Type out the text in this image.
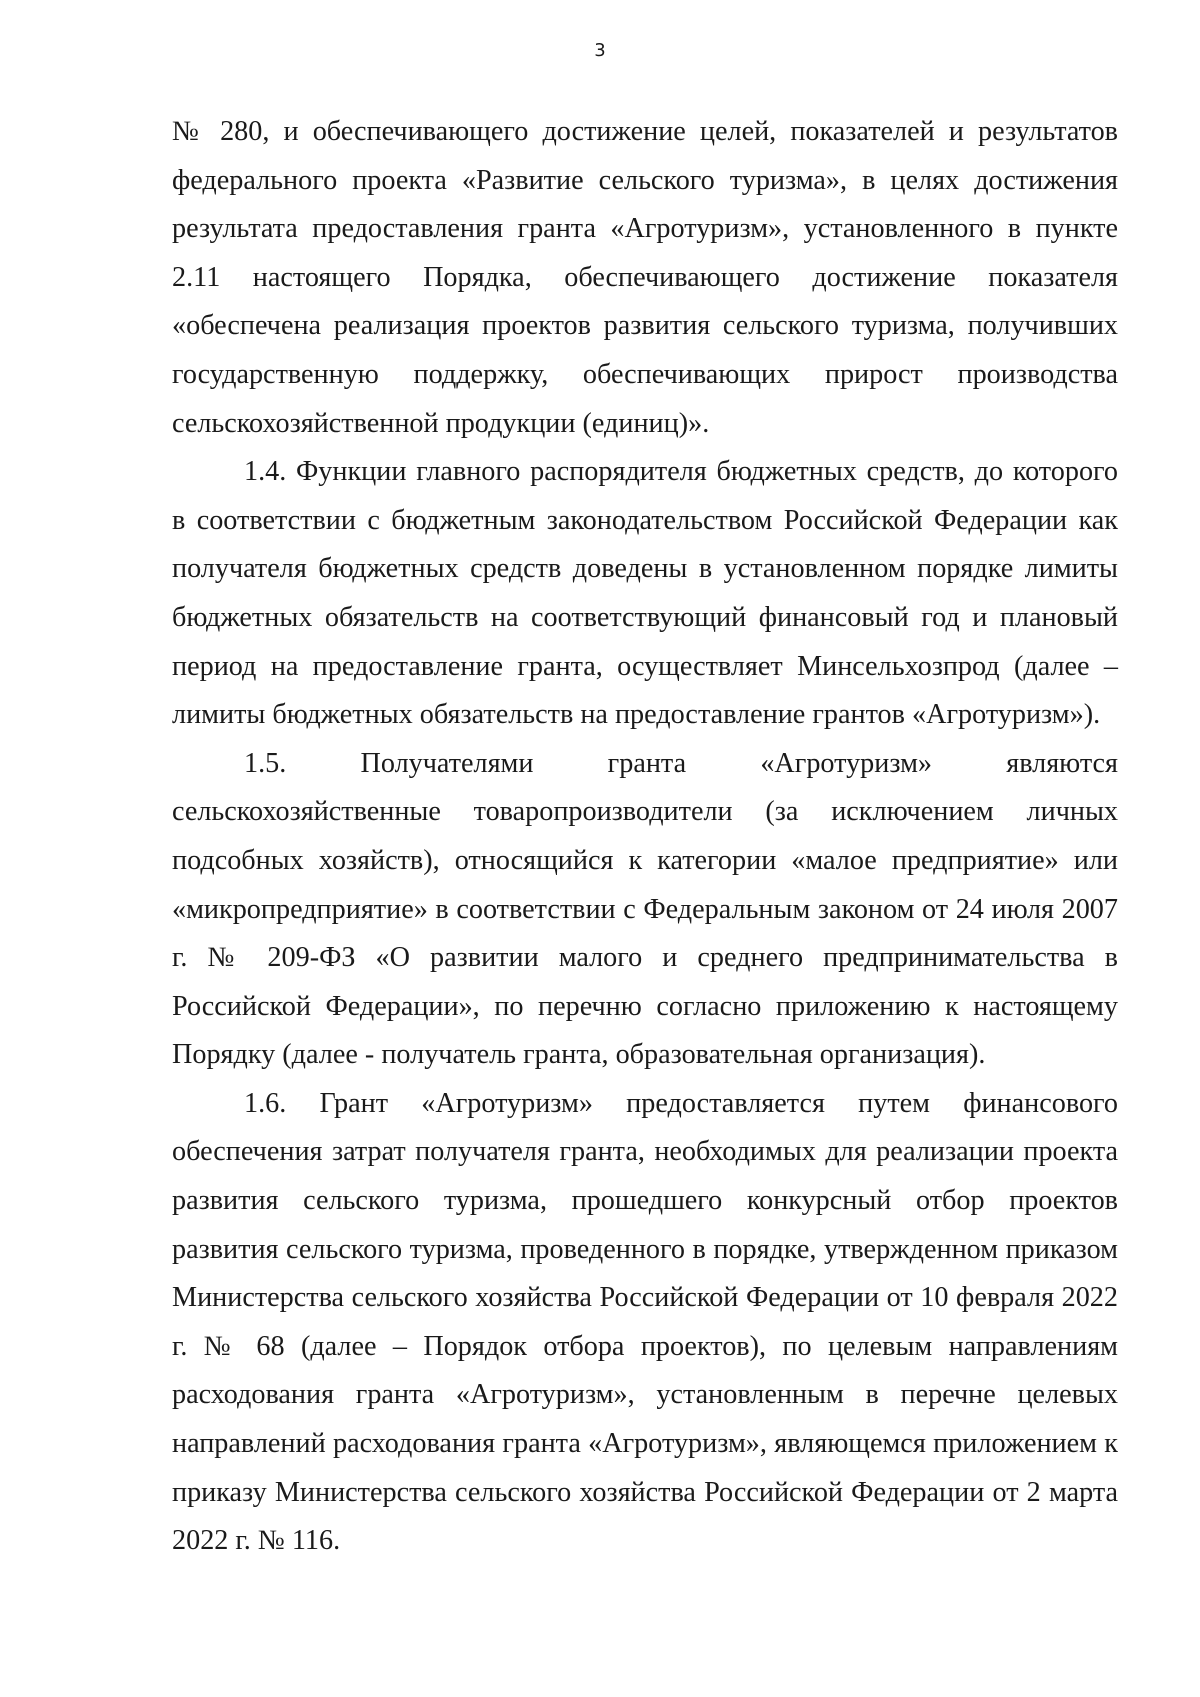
3

№ 280, и обеспечивающего достижение целей, показателей и результатов федерального проекта «Развитие сельского туризма», в целях достижения результата предоставления гранта «Агротуризм», установленного в пункте 2.11 настоящего Порядка, обеспечивающего достижение показателя «обеспечена реализация проектов развития сельского туризма, получивших государственную поддержку, обеспечивающих прирост производства сельскохозяйственной продукции (единиц)».

1.4. Функции главного распорядителя бюджетных средств, до которого в соответствии с бюджетным законодательством Российской Федерации как получателя бюджетных средств доведены в установленном порядке лимиты бюджетных обязательств на соответствующий финансовый год и плановый период на предоставление гранта, осуществляет Минсельхозпрод (далее – лимиты бюджетных обязательств на предоставление грантов «Агротуризм»).

1.5. Получателями гранта «Агротуризм» являются сельскохозяйственные товаропроизводители (за исключением личных подсобных хозяйств), относящийся к категории «малое предприятие» или «микропредприятие» в соответствии с Федеральным законом от 24 июля 2007 г. № 209-ФЗ «О развитии малого и среднего предпринимательства в Российской Федерации», по перечню согласно приложению к настоящему Порядку (далее - получатель гранта, образовательная организация).

1.6. Грант «Агротуризм» предоставляется путем финансового обеспечения затрат получателя гранта, необходимых для реализации проекта развития сельского туризма, прошедшего конкурсный отбор проектов развития сельского туризма, проведенного в порядке, утвержденном приказом Министерства сельского хозяйства Российской Федерации от 10 февраля 2022 г. № 68 (далее – Порядок отбора проектов), по целевым направлениям расходования гранта «Агротуризм», установленным в перечне целевых направлений расходования гранта «Агротуризм», являющемся приложением к приказу Министерства сельского хозяйства Российской Федерации от 2 марта 2022 г. № 116.
